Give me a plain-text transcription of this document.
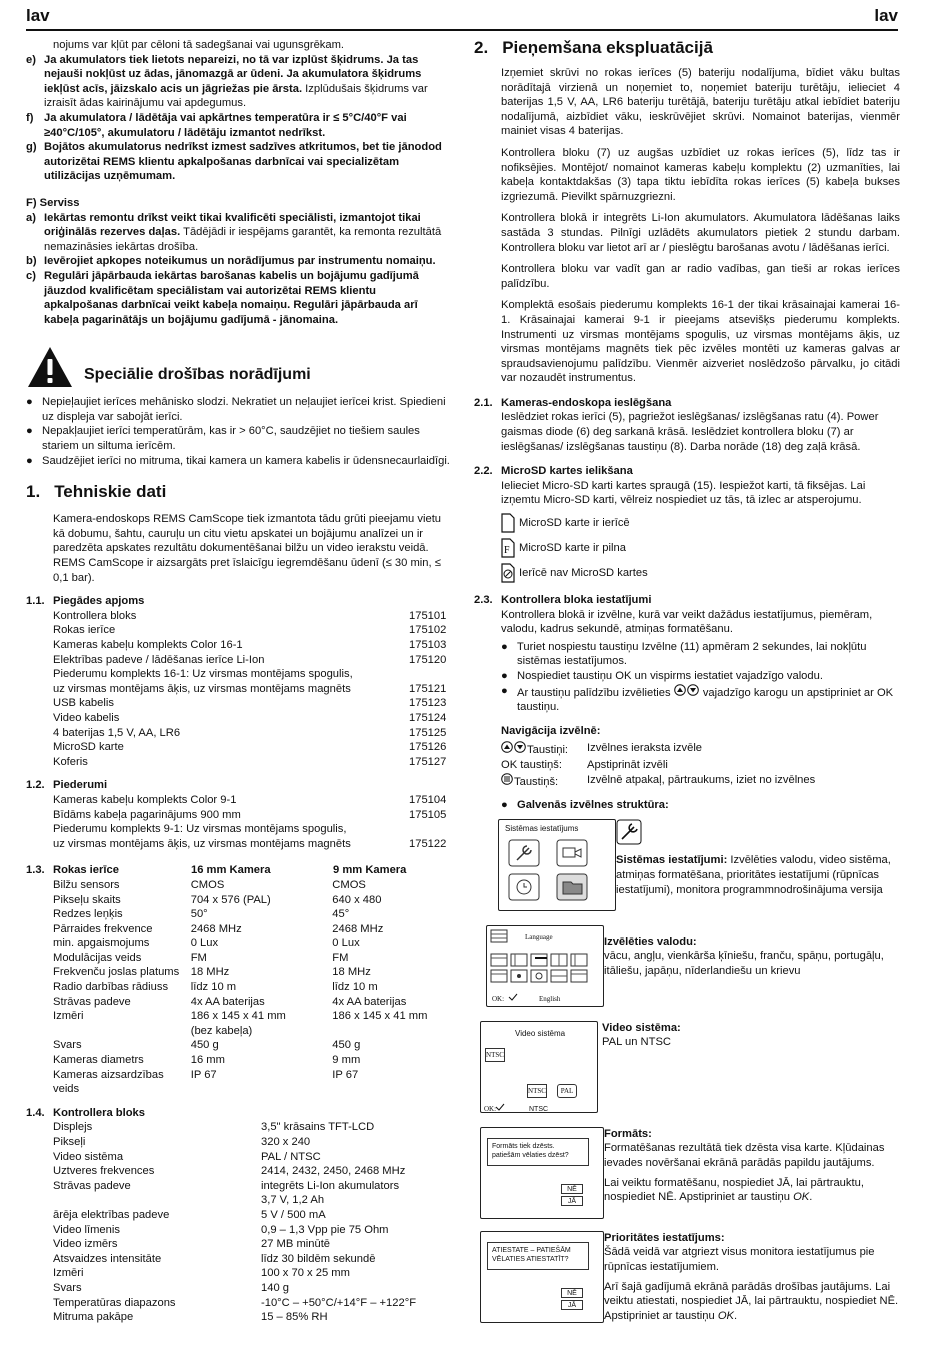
lav	lav

nojums var kļūt par cēloni tā sadegšanai vai ugunsgrēkam.

e) Ja akumulators tiek lietots nepareizi, no tā var izplūst šķidrums. Ja tas nejauši nokļūst uz ādas, jānomazgā ar ūdeni. Ja akumulatora šķidrums iekļūst acīs, jāizskalo acis un jāgriežas pie ārsta. Izplūdušais šķidrums var izraisīt ādas kairinājumu vai apdegumus.
f) Ja akumulatora / lādētāja vai apkārtnes temperatūra ir ≤ 5°C/40°F vai ≥40°C/105°, akumulatoru / lādētāju izmantot nedrīkst.
g) Bojātos akumulatorus nedrīkst izmest sadzīves atkritumos, bet tie jānodod autorizētai REMS klientu apkalpošanas darbnīcai vai specializētam utilizācijas uzņēmumam.

F) Serviss

a) Iekārtas remontu drīkst veikt tikai kvalificēti speciālisti, izmantojot tikai oriģinālās rezerves daļas. Tādējādi ir iespējams garantēt, ka remonta rezultātā nemazināsies iekārtas drošība.
b) Ievērojiet apkopes noteikumus un norādījumus par instrumentu nomaiņu.
c) Regulāri jāpārbauda iekārtas barošanas kabelis un bojājumu gadījumā jāuzdod kvalificētam speciālistam vai autorizētai REMS klientu apkalpošanas darbnīcai veikt kabeļa nomaiņu. Regulāri jāpārbauda arī kabeļa pagarinātājs un bojājumu gadījumā - jānomaina.
Speciālie drošības norādījumi
● Nepieļaujiet ierīces mehānisko slodzi. Nekratiet un neļaujiet ierīcei krist. Spiedieni uz displeja var sabojāt ierīci.
● Nepakļaujiet ierīci temperatūrām, kas ir > 60°C, saudzējiet no tiešiem saules stariem un siltuma ierīcēm.
● Saudzējiet ierīci no mitruma, tikai kamera un kamera kabelis ir ūdensnecaurlaidīgi.
1. Tehniskie dati

Kamera-endoskops REMS CamScope tiek izmantota tādu grūti pieejamu vietu kā dobumu, šahtu, cauruļu un citu vietu apskatei un bojājumu analīzei un ir paredzēta apskates rezultātu dokumentēšanai bilžu un video ierakstu veidā. REMS CamScope ir aizsargāts pret īslaicīgu iegremdēšanu ūdenī (≤ 30 min, ≤ 0,1 bar).

1.1. Piegādes apjoms
Kontrollera bloks	175101
Rokas ierīce	175102
Kameras kabeļu komplekts Color 16-1	175103
Elektrības padeve / lādēšanas ierīce Li-Ion	175120
Piederumu komplekts 16-1: Uz virsmas montējams spogulis,	
uz virsmas montējams āķis, uz virsmas montējams magnēts	175121
USB kabelis	175123
Video kabelis	175124
4 baterijas 1,5 V, AA, LR6	175125
MicroSD karte	175126
Koferis	175127
1.2. Piederumi
Kameras kabeļu komplekts Color 9-1	175104
Bīdāms kabeļa pagarinājums 900 mm	175105
Piederumu komplekts 9-1: Uz virsmas montējams spogulis,	
uz virsmas montējams āķis, uz virsmas montējams magnēts	175122
1.3. Rokas ierīce	16 mm Kamera	9 mm Kamera
Bilžu sensors	CMOS	CMOS
Pikseļu skaits	704 x 576 (PAL)	640 x 480
Redzes leņķis	50°	45°
Pārraides frekvence	2468 MHz	2468 MHz
min. apgaismojums	0 Lux	0 Lux
Modulācijas veids	FM	FM
Frekvenču joslas platums	18 MHz	18 MHz
Radio darbības rādiuss	līdz 10 m	līdz 10 m
Strāvas padeve	4x AA baterijas	4x AA baterijas
Izmēri	186 x 145 x 41 mm	186 x 145 x 41 mm
	(bez kabeļa)	
Svars	450 g	450 g
Kameras diametrs	16 mm	9 mm
Kameras aizsardzības veids	IP 67	IP 67
1.4. Kontrollera bloks
Displejs	3,5" krāsains TFT-LCD
Pikseļi	320 x 240
Video sistēma	PAL / NTSC
Uztveres frekvences	2414, 2432, 2450, 2468 MHz
Strāvas padeve	integrēts Li-Ion akumulators
	3,7 V, 1,2 Ah
ārēja elektrības padeve	5 V / 500 mA
Video līmenis	0,9 – 1,3 Vpp pie 75 Ohm
Video izmērs	27 MB minūtē
Atsvaidzes intensitāte	līdz 30 bildēm sekundē
Izmēri	100 x 70 x 25 mm
Svars	140 g
Temperatūras diapazons	-10°C – +50°C/+14°F – +122°F
Mitruma pakāpe	15 – 85% RH
2. Pieņemšana ekspluatācijā

Izņemiet skrūvi no rokas ierīces (5) bateriju nodalījuma, bīdiet vāku bultas norādītajā virzienā un noņemiet to, noņemiet bateriju turētāju, ielieciet 4 baterijas 1,5 V, AA, LR6 bateriju turētājā, bateriju turētāju atkal iebīdiet bateriju nodalījumā, aizbīdiet vāku, ieskrūvējiet skrūvi. Nomainot baterijas, vienmēr mainiet visas 4 baterijas.

Kontrollera bloku (7) uz augšas uzbīdiet uz rokas ierīces (5), līdz tas ir nofiksējies. Montējot/ nomainot kameras kabeļu komplektu (2) uzmanīties, lai kabeļa kontaktdakšas (3) tapa tiktu iebīdīta rokas ierīces (5) kabeļa bukses izgriezumā. Pievilkt spārnuzgriezni.

Kontrollera blokā ir integrēts Li-Ion akumulators. Akumulatora lādēšanas laiks sastāda 3 stundas. Pilnīgi uzlādēts akumulators pietiek 2 stundu darbam. Kontrollera bloku var lietot arī ar / pieslēgtu barošanas avotu / lādēšanas ierīci.

Kontrollera bloku var vadīt gan ar radio vadības, gan tieši ar rokas ierīces palīdzību.

Komplektā esošais piederumu komplekts 16-1 der tikai krāsainajai kamerai 16-1. Krāsainajai kamerai 9-1 ir pieejams atsevišķs piederumu komplekts. Instrumenti uz virsmas montējams spogulis, uz virsmas montējams āķis, uz virsmas montējams magnēts tiek pēc izvēles montēti uz kameras galvas ar spraudsavienojumu palīdzību. Vienmēr aizveriet noslēdzošo pārvalku, jo citādi var nozaudēt instrumentus.

2.1. Kameras-endoskopa ieslēgšana

Ieslēdziet rokas ierīci (5), pagriežot ieslēgšanas/ izslēgšanas ratu (4). Power gaismas diode (6) deg sarkanā krāsā. Ieslēdziet kontrollera bloku (7) ar ieslēgšanas/ izslēgšanas taustiņu (8). Darba norāde (18) deg zaļā krāsā.

2.2. MicroSD kartes ielikšana

Ielieciet Micro-SD karti kartes spraugā (15). Iespiežot karti, tā fiksējas. Lai izņemtu Micro-SD karti, vēlreiz nospiediet uz tās, tā izlec ar atsperojumu.

MicroSD karte ir ierīcē
F MicroSD karte ir pilna
Ierīcē nav MicroSD kartes
2.3. Kontrollera bloka iestatījumi

Kontrollera blokā ir izvēlne, kurā var veikt dažādus iestatījumus, piemēram, valodu, kadrus sekundē, atmiņas formatēšanu.

● Turiet nospiestu taustiņu Izvēlne (11) apmēram 2 sekundes, lai nokļūtu sistēmas iestatījumos.
● Nospiediet taustiņu OK un vispirms iestatiet vajadzīgo valodu.
● Ar taustiņu palīdzību izvēlieties  vajadzīgo karogu un apstipriniet ar OK taustiņu.

Navigācija izvēlnē:

Taustiņi:	Izvēlnes ieraksta izvēle
OK taustiņš:	Apstiprināt izvēli
Taustiņš:	Izvēlnē atpakaļ, pārtraukums, iziet no izvēlnes
● Galvenās izvēlnes struktūra:
Sistēmas iestatījums

Sistēmas iestatījumi: Izvēlēties valodu, video sistēma, atmiņas formatēšana, prioritātes iestatījumi (rūpnīcas iestatījumi), monitora programmnodrošinājuma versija

Language
OK:	English

Izvēlēties valodu:

vācu, angļu, vienkārša ķīniešu, franču, spāņu, portugāļu, itāliešu, japāņu, nīderlandiešu un krievu

Video sistēma
NTSC
NTSC	PAL
OK:	NTSC

Video sistēma:

PAL un NTSC

Formāts tiek dzēsts. patiešām vēlaties dzēst?
NĒ
JĀ

Formāts:

Formatēšanas rezultātā tiek dzēsta visa karte. Kļūdainas ievades novēršanai ekrānā parādās papildu jautājums.

Lai veiktu formatēšanu, nospiediet JĀ, lai pārtrauktu, nospiediet NĒ. Apstipriniet ar taustiņu OK.

ATIESTATE – PATIEŠĀM VĒLATIES ATIESTATĪT?
NĒ
JĀ

Prioritātes iestatījums:

Šādā veidā var atgriezt visus monitora iestatījumus pie rūpnīcas iestatījumiem.

Arī šajā gadījumā ekrānā parādās drošības jautājums. Lai veiktu atiestati, nospiediet JĀ, lai pārtrauktu, nospiediet NĒ. Apstipriniet ar taustiņu OK.
